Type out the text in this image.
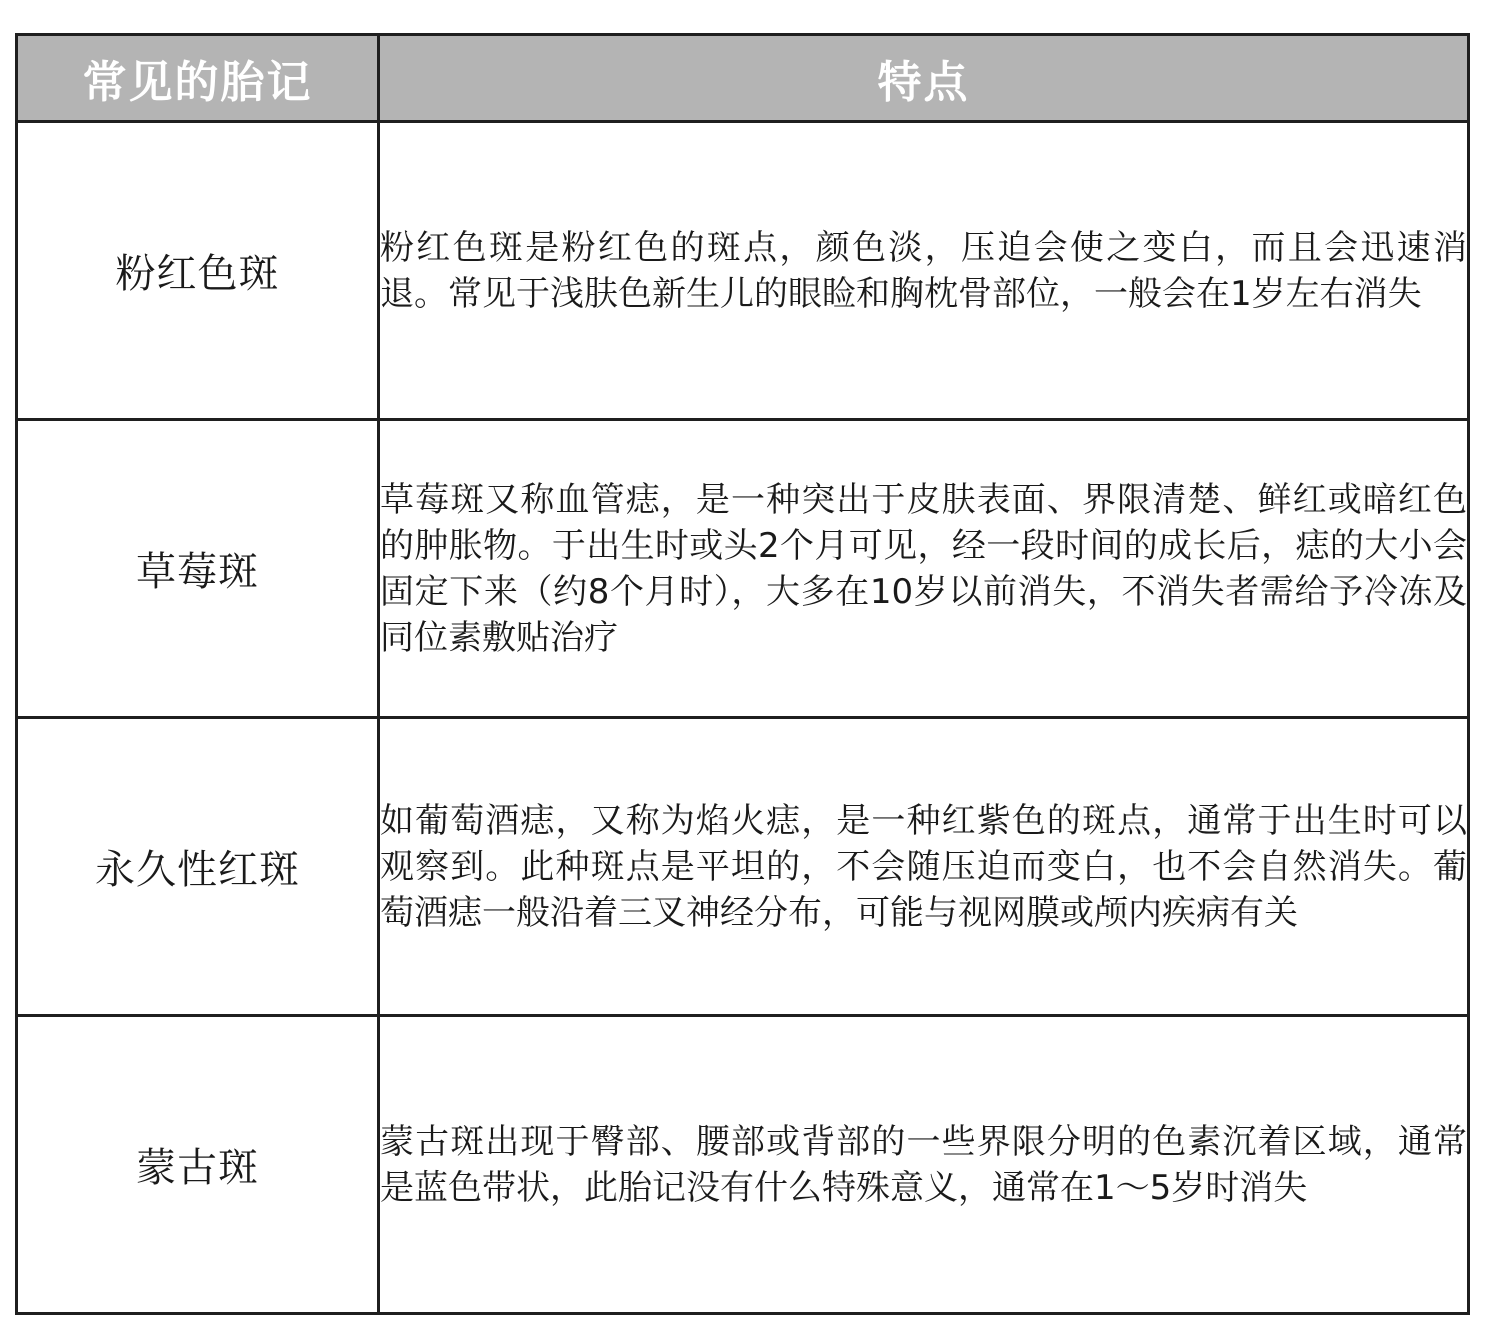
常见的胎记	特点
粉红色斑	粉红色斑是粉红色的斑点，颜色淡，压迫会使之变白，而且会迅速消退。常见于浅肤色新生儿的眼睑和胸枕骨部位，一般会在1岁左右消失

草莓斑	草莓斑又称血管痣，是一种突出于皮肤表面、界限清楚、鲜红或暗红色的肿胀物。于出生时或头2个月可见，经一段时间的成长后，痣的大小会固定下来（约8个月时），大多在10岁以前消失，不消失者需给予冷冻及同位素敷贴治疗

永久性红斑	如葡萄酒痣，又称为焰火痣，是一种红紫色的斑点，通常于出生时可以观察到。此种斑点是平坦的，不会随压迫而变白，也不会自然消失。葡萄酒痣一般沿着三叉神经分布，可能与视网膜或颅内疾病有关

蒙古斑	蒙古斑出现于臀部、腰部或背部的一些界限分明的色素沉着区域，通常是蓝色带状，此胎记没有什么特殊意义，通常在1～5岁时消失
